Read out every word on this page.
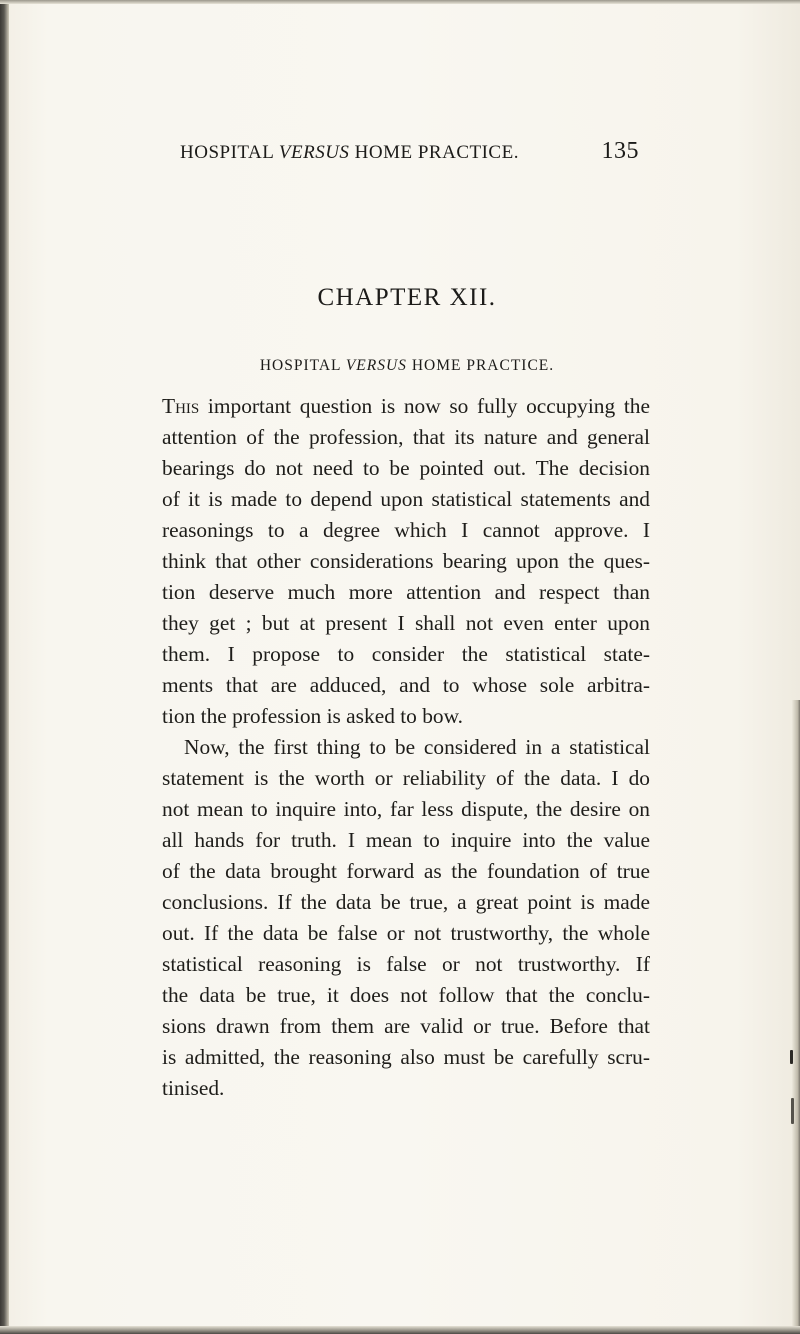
HOSPITAL VERSUS HOME PRACTICE.	135
CHAPTER XII.
HOSPITAL VERSUS HOME PRACTICE.
This important question is now so fully occupying the
attention of the profession, that its nature and general
bearings do not need to be pointed out. The decision
of it is made to depend upon statistical statements and
reasonings to a degree which I cannot approve. I
think that other considerations bearing upon the ques-
tion deserve much more attention and respect than
they get ; but at present I shall not even enter upon
them. I propose to consider the statistical state-
ments that are adduced, and to whose sole arbitra-
tion the profession is asked to bow.
Now, the first thing to be considered in a statistical
statement is the worth or reliability of the data. I do
not mean to inquire into, far less dispute, the desire on
all hands for truth. I mean to inquire into the value
of the data brought forward as the foundation of true
conclusions. If the data be true, a great point is made
out. If the data be false or not trustworthy, the whole
statistical reasoning is false or not trustworthy. If
the data be true, it does not follow that the conclu-
sions drawn from them are valid or true. Before that
is admitted, the reasoning also must be carefully scru-
tinised.
